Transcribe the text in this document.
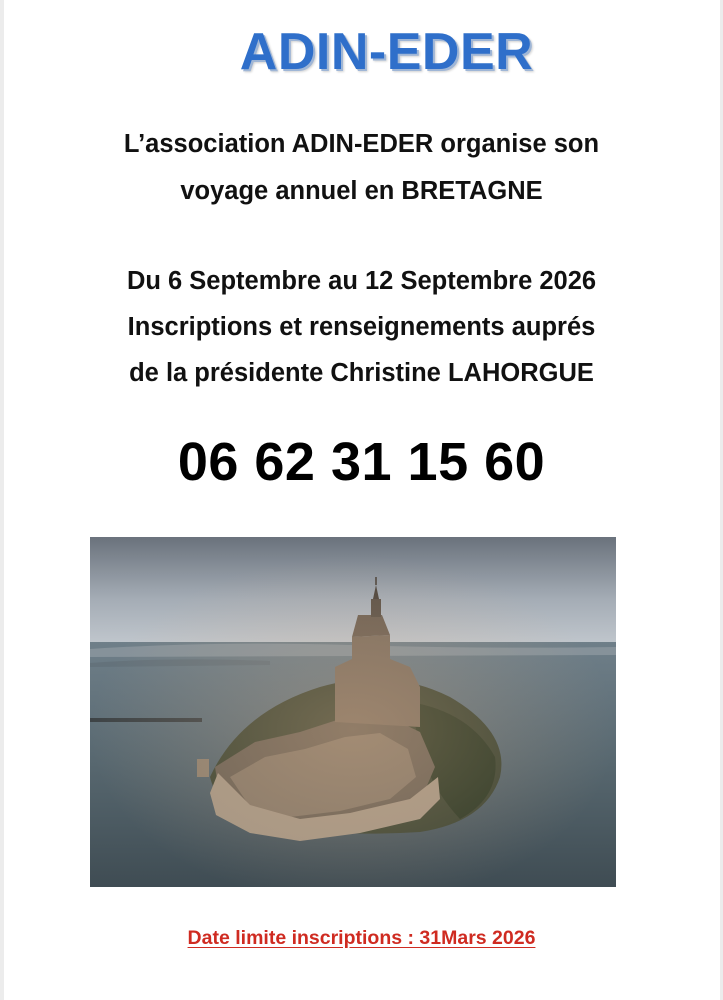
ADIN-EDER
L’association ADIN-EDER organise son
voyage annuel en BRETAGNE
Du 6 Septembre au 12 Septembre 2026
Inscriptions et renseignements auprés
de la présidente Christine LAHORGUE
06 62 31 15 60
Date limite inscriptions : 31Mars 2026
